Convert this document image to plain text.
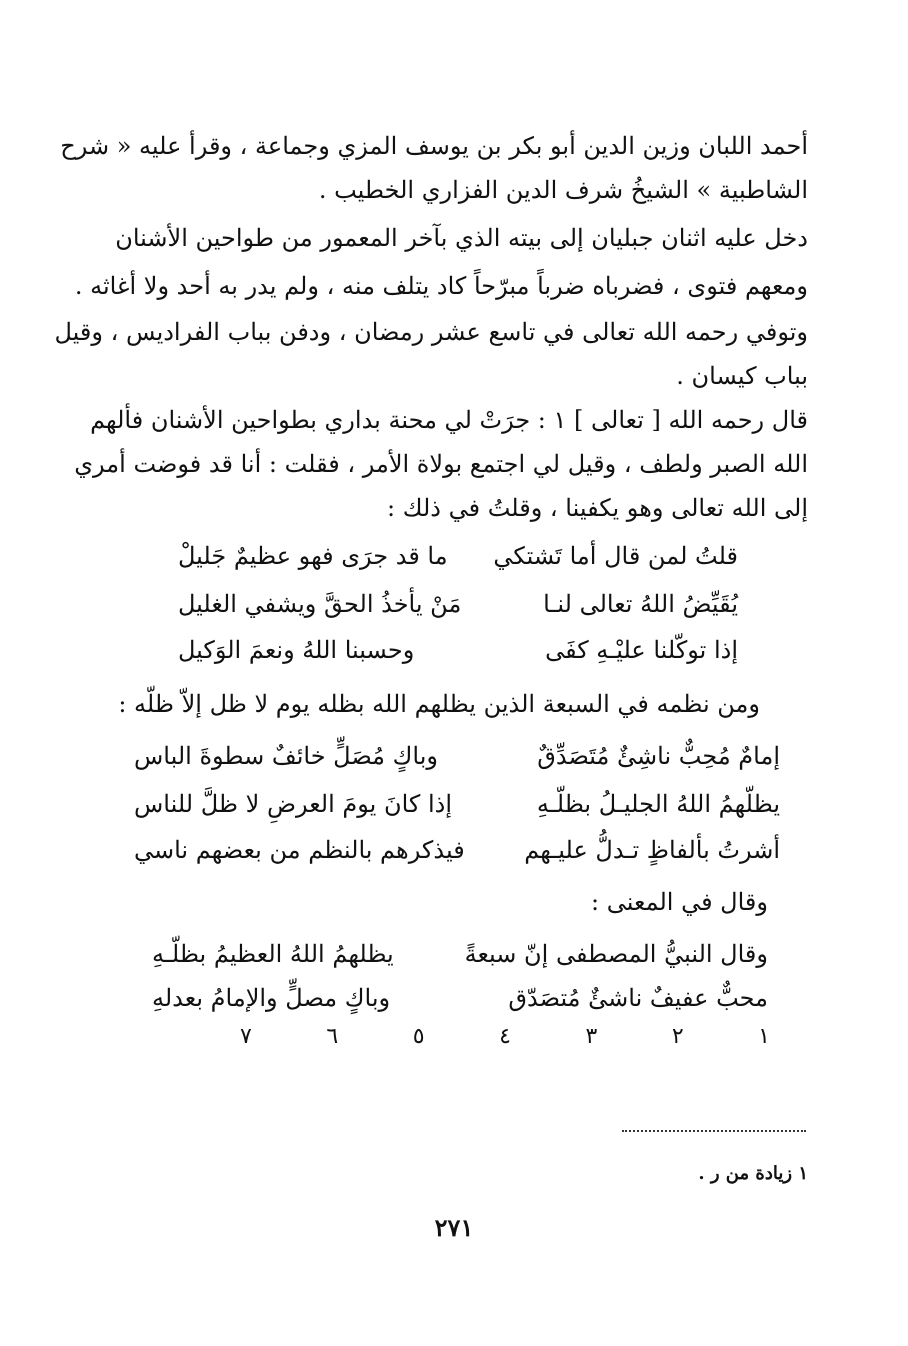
أحمد اللبان وزين الدين أبو بكر بن يوسف المزي وجماعة ، وقرأ عليه « شرح
الشاطبية » الشيخُ شرف الدين الفزاري الخطيب .
دخل عليه اثنان جبليان إلى بيته الذي بآخر المعمور من طواحين الأشنان
ومعهم فتوى ، فضرباه ضرباً مبرّحاً كاد يتلف منه ، ولم يدر به أحد ولا أغاثه .
وتوفي رحمه الله تعالى في تاسع عشر رمضان ، ودفن بباب الفراديس ، وقيل
بباب كيسان .
قال رحمه الله [ تعالى ] ١ : جرَتْ لي محنة بداري بطواحين الأشنان فألهم
الله الصبر ولطف ، وقيل لي اجتمع بولاة الأمر ، فقلت : أنا قد فوضت أمري
إلى الله تعالى وهو يكفينا ، وقلتُ في ذلك :
قلتُ لمن قال أما تَشتكي
ما قد جرَى فهو عظيمٌ جَليلْ
يُقَيِّضُ اللهُ تعالى لنـا
مَنْ يأخذُ الحقَّ ويشفي الغليل
إذا توكّلنا عليْـهِ كفَى
وحسبنا اللهُ ونعمَ الوَكيل
ومن نظمه في السبعة الذين يظلهم الله بظله يوم لا ظل إلاّ ظلّه :
إمامٌ مُحِبٌّ ناشِئٌ مُتَصَدِّقٌ
وباكٍ مُصَلٍّ خائفٌ سطوةَ الباس
يظلّهمُ اللهُ الجليـلُ بظلّـهِ
إذا كانَ يومَ العرضِ لا ظلَّ للناس
أشرتُ بألفاظٍ تـدلُّ عليـهم
فيذكرهم بالنظم من بعضهم ناسي
وقال في المعنى :
وقال النبيُّ المصطفى إنّ سبعةً
يظلهمُ اللهُ العظيمُ بظلّـهِ
محبٌّ عفيفٌ ناشئٌ مُتصَدّق
وباكٍ مصلٍّ والإمامُ بعدلهِ
١
٢
٣
٤
٥
٦
٧
١ زيادة من ر .
٢٧١
